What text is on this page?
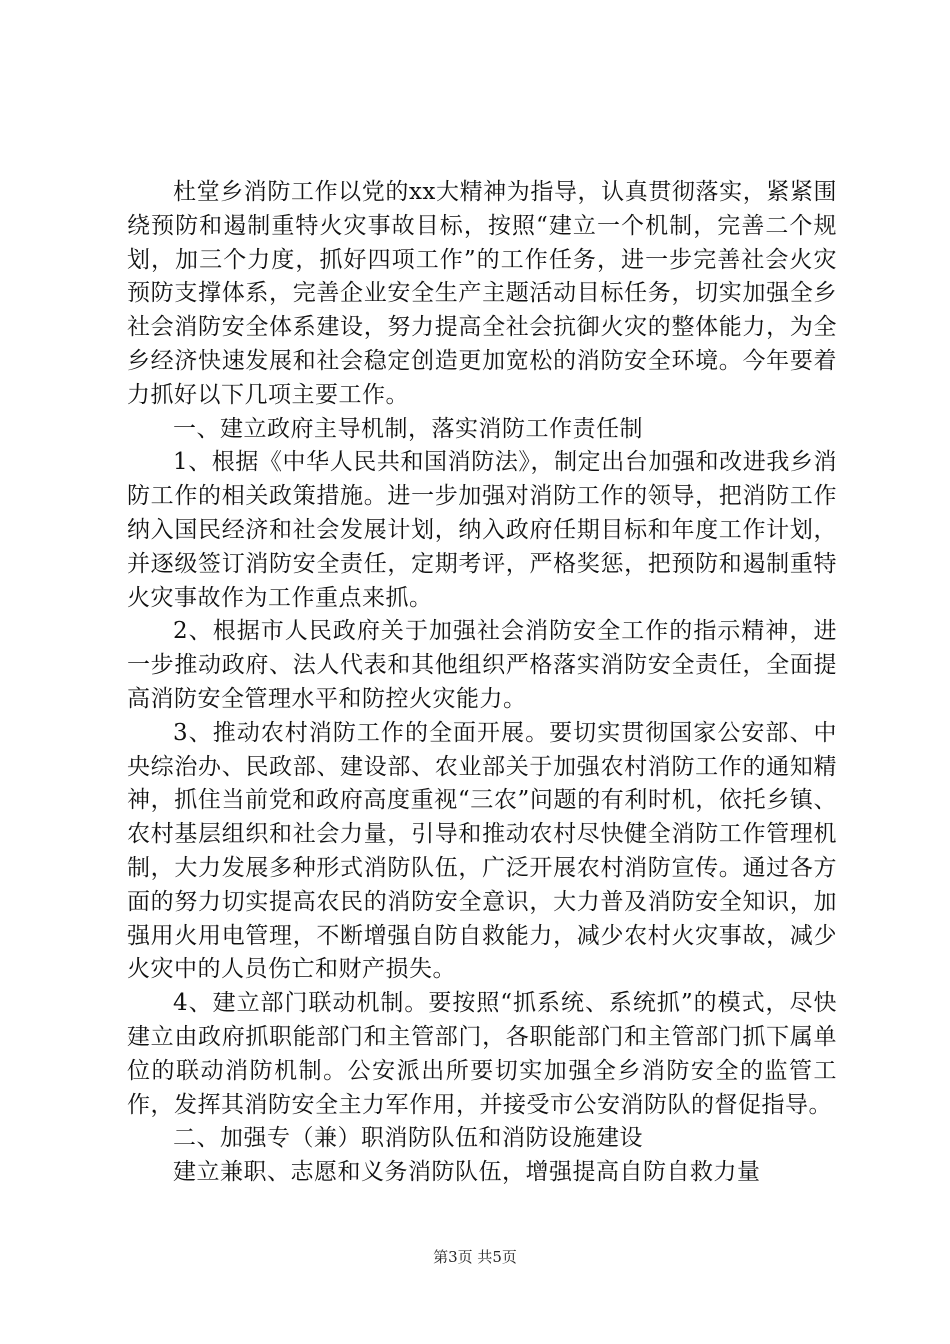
杜堂乡消防工作以党的xx大精神为指导，认真贯彻落实，紧紧围绕预防和遏制重特火灾事故目标，按照“建立一个机制，完善二个规划，加三个力度，抓好四项工作”的工作任务，进一步完善社会火灾预防支撑体系，完善企业安全生产主题活动目标任务，切实加强全乡社会消防安全体系建设，努力提高全社会抗御火灾的整体能力，为全乡经济快速发展和社会稳定创造更加宽松的消防安全环境。今年要着力抓好以下几项主要工作。

一、建立政府主导机制，落实消防工作责任制

1、根据《中华人民共和国消防法》，制定出台加强和改进我乡消防工作的相关政策措施。进一步加强对消防工作的领导，把消防工作纳入国民经济和社会发展计划，纳入政府任期目标和年度工作计划，并逐级签订消防安全责任，定期考评，严格奖惩，把预防和遏制重特火灾事故作为工作重点来抓。

2、根据市人民政府关于加强社会消防安全工作的指示精神，进一步推动政府、法人代表和其他组织严格落实消防安全责任，全面提高消防安全管理水平和防控火灾能力。

3、推动农村消防工作的全面开展。要切实贯彻国家公安部、中央综治办、民政部、建设部、农业部关于加强农村消防工作的通知精神，抓住当前党和政府高度重视“三农”问题的有利时机，依托乡镇、农村基层组织和社会力量，引导和推动农村尽快健全消防工作管理机制，大力发展多种形式消防队伍，广泛开展农村消防宣传。通过各方面的努力切实提高农民的消防安全意识，大力普及消防安全知识，加强用火用电管理，不断增强自防自救能力，减少农村火灾事故，减少火灾中的人员伤亡和财产损失。

4、建立部门联动机制。要按照“抓系统、系统抓”的模式，尽快建立由政府抓职能部门和主管部门，各职能部门和主管部门抓下属单位的联动消防机制。公安派出所要切实加强全乡消防安全的监管工作，发挥其消防安全主力军作用，并接受市公安消防队的督促指导。

二、加强专（兼）职消防队伍和消防设施建设

建立兼职、志愿和义务消防队伍，增强提高自防自救力量

第3页 共5页
